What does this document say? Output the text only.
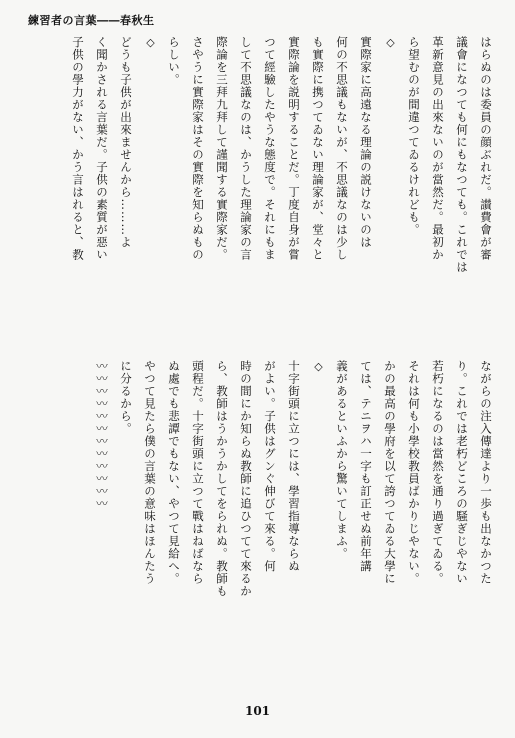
練習者の言葉――春秋生
はらぬのは委員の顔ぶれだ。讃費會が審
議會になつても何にもなつても。これでは
革新意見の出來ないのが當然だ。最初か
ら望むのが間違つてゐるけれども。
◇
實際家に高遠なる理論の説けないのは
何の不思議もないが、不思議なのは少し
も實際に携つてゐない理論家が、堂々と
實際論を説明することだ。丁度自身が嘗
つて經驗したやうな態度で。それにもま
して不思議なのは、かうした理論家の言
際論を三拜九拜して謹聞する實際家だ。
さやうに實際家はその實際を知らぬもの
らしい。
◇
どうも子供が出來ませんから………よ
く聞かされる言葉だ。子供の素質が惡い
子供の學力がない、かう言はれると、教
ながらの注入傳達より一歩も出なかつた
り。これでは老朽どころの騒ぎじやない
若朽になるのは當然を通り過ぎてゐる。
それは何も小學校教員ばかりじやない。
かの最高の學府を以て誇つてゐる大學に
ては、テニヲハ一字も訂正せぬ前年講
義があるといふから驚いてしまふ。
◇
十字街頭に立つには、學習指導ならぬ
がよい。子供はグンぐ伸びて來る。何
時の間にか知らぬ教師に追ひつてて來るか
ら、教師はうかうかしてをられぬ。教師も
頭程だ。十字街頭に立つて戰はねばなら
ぬ處でも悲譚でもない、やつて見給へ。
やつて見たら僕の言葉の意味はほんたう
に分るから。
〰〰〰〰〰〰〰〰〰〰〰〰
101
